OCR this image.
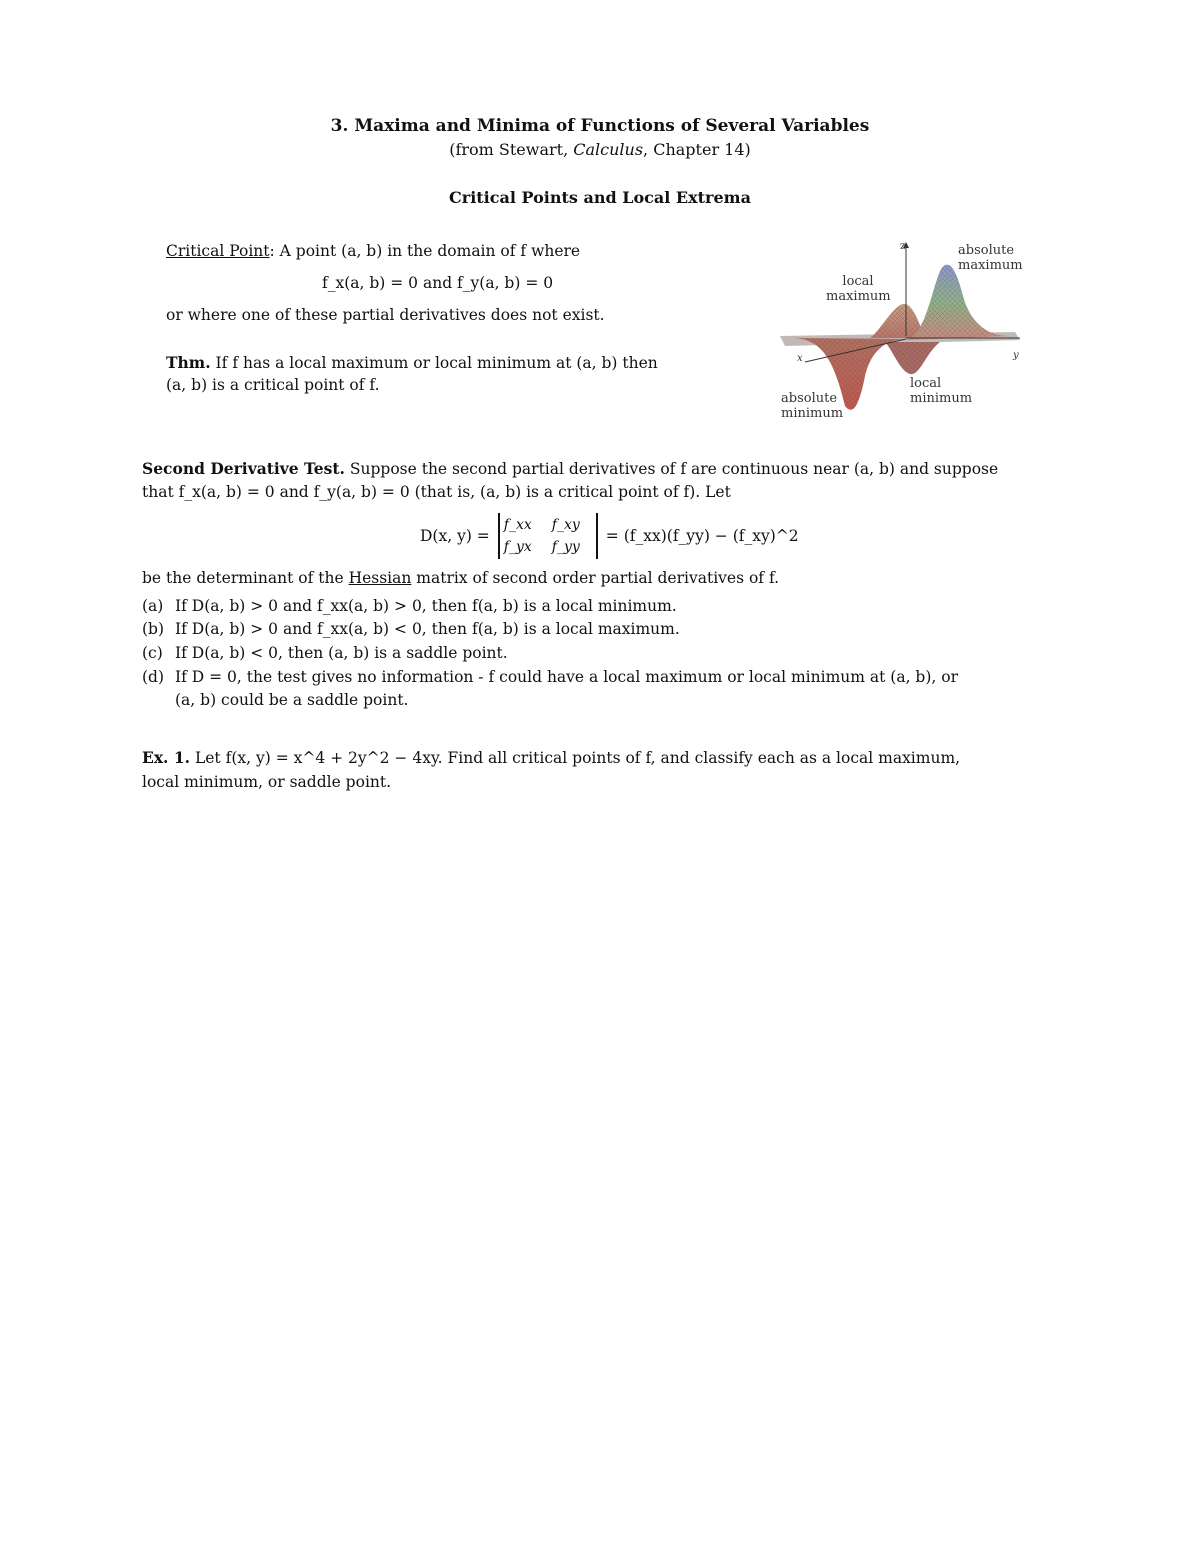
3. Maxima and Minima of Functions of Several Variables
(from Stewart, Calculus, Chapter 14)
Critical Points and Local Extrema
Critical Point: A point (a, b) in the domain of f where
f_x(a, b) = 0 and f_y(a, b) = 0
or where one of these partial derivatives does not exist.
Thm. If f has a local maximum or local minimum at (a, b) then
(a, b) is a critical point of f.
z
x	y
absolute
maximum
local
maximum
local
minimum
absolute
minimum
Second Derivative Test. Suppose the second partial derivatives of f are continuous near (a, b) and suppose
that f_x(a, b) = 0 and f_y(a, b) = 0 (that is, (a, b) is a critical point of f). Let
D(x, y) =
f_xx	f_xy
f_yx	f_yy
= (f_xx)(f_yy) − (f_xy)^2
be the determinant of the Hessian matrix of second order partial derivatives of f.
(a) If D(a, b) > 0 and f_xx(a, b) > 0, then f(a, b) is a local minimum.
(b) If D(a, b) > 0 and f_xx(a, b) < 0, then f(a, b) is a local maximum.
(c) If D(a, b) < 0, then (a, b) is a saddle point.
(d) If D = 0, the test gives no information - f could have a local maximum or local minimum at (a, b), or
(a, b) could be a saddle point.
Ex. 1. Let f(x, y) = x^4 + 2y^2 − 4xy. Find all critical points of f, and classify each as a local maximum,
local minimum, or saddle point.
